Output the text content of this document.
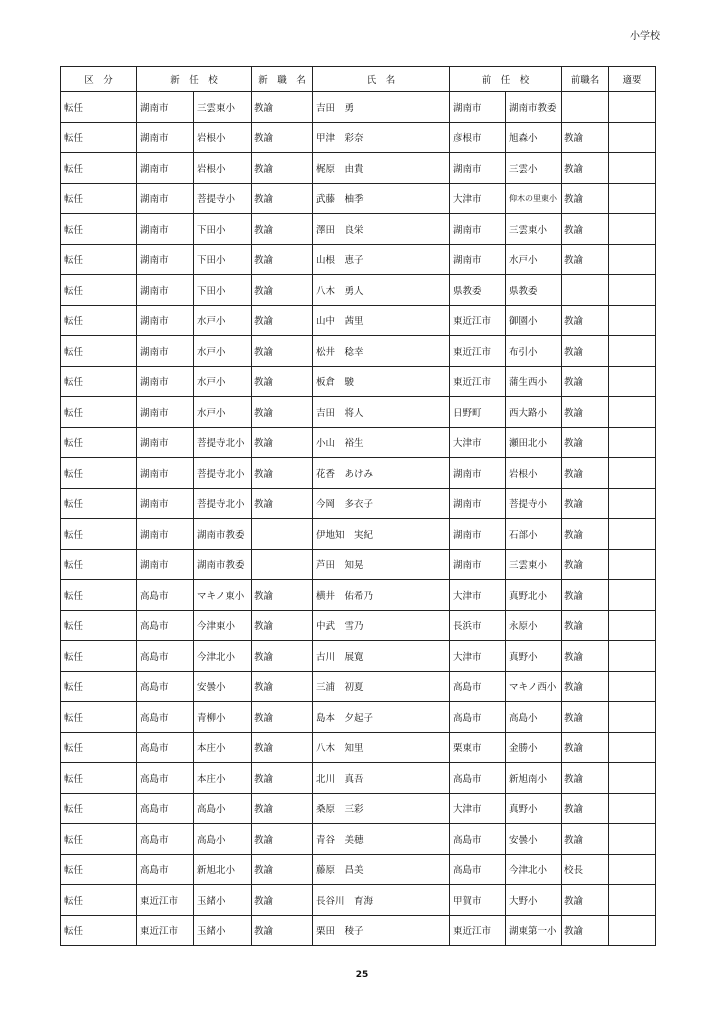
小学校
区　分	新　任　校		新　職　名	氏　名	前　任　校		前職名	適要
転任	湖南市	三雲東小	教諭	吉田　勇	湖南市	湖南市教委		
転任	湖南市	岩根小	教諭	甲津　彩奈	彦根市	旭森小	教諭	
転任	湖南市	岩根小	教諭	梶原　由貴	湖南市	三雲小	教諭	
転任	湖南市	菩提寺小	教諭	武藤　柚季	大津市	仰木の里東小	教諭	
転任	湖南市	下田小	教諭	澤田　良栄	湖南市	三雲東小	教諭	
転任	湖南市	下田小	教諭	山根　恵子	湖南市	水戸小	教諭	
転任	湖南市	下田小	教諭	八木　勇人	県教委	県教委		
転任	湖南市	水戸小	教諭	山中　茜里	東近江市	御園小	教諭	
転任	湖南市	水戸小	教諭	松井　稔幸	東近江市	布引小	教諭	
転任	湖南市	水戸小	教諭	板倉　駿	東近江市	蒲生西小	教諭	
転任	湖南市	水戸小	教諭	吉田　将人	日野町	西大路小	教諭	
転任	湖南市	菩提寺北小	教諭	小山　裕生	大津市	瀬田北小	教諭	
転任	湖南市	菩提寺北小	教諭	花香　あけみ	湖南市	岩根小	教諭	
転任	湖南市	菩提寺北小	教諭	今岡　多衣子	湖南市	菩提寺小	教諭	
転任	湖南市	湖南市教委		伊地知　実紀	湖南市	石部小	教諭	
転任	湖南市	湖南市教委		芦田　知晃	湖南市	三雲東小	教諭	
転任	高島市	マキノ東小	教諭	横井　佑希乃	大津市	真野北小	教諭	
転任	高島市	今津東小	教諭	中武　雪乃	長浜市	永原小	教諭	
転任	高島市	今津北小	教諭	古川　展寛	大津市	真野小	教諭	
転任	高島市	安曇小	教諭	三浦　初夏	高島市	マキノ西小	教諭	
転任	高島市	青柳小	教諭	島本　夕起子	高島市	高島小	教諭	
転任	高島市	本庄小	教諭	八木　知里	栗東市	金勝小	教諭	
転任	高島市	本庄小	教諭	北川　真吾	高島市	新旭南小	教諭	
転任	高島市	高島小	教諭	桑原　三彩	大津市	真野小	教諭	
転任	高島市	高島小	教諭	青谷　美穂	高島市	安曇小	教諭	
転任	高島市	新旭北小	教諭	藤原　昌美	高島市	今津北小	校長	
転任	東近江市	玉緒小	教諭	長谷川　育海	甲賀市	大野小	教諭	
転任	東近江市	玉緒小	教諭	栗田　稜子	東近江市	湖東第一小	教諭	
25
